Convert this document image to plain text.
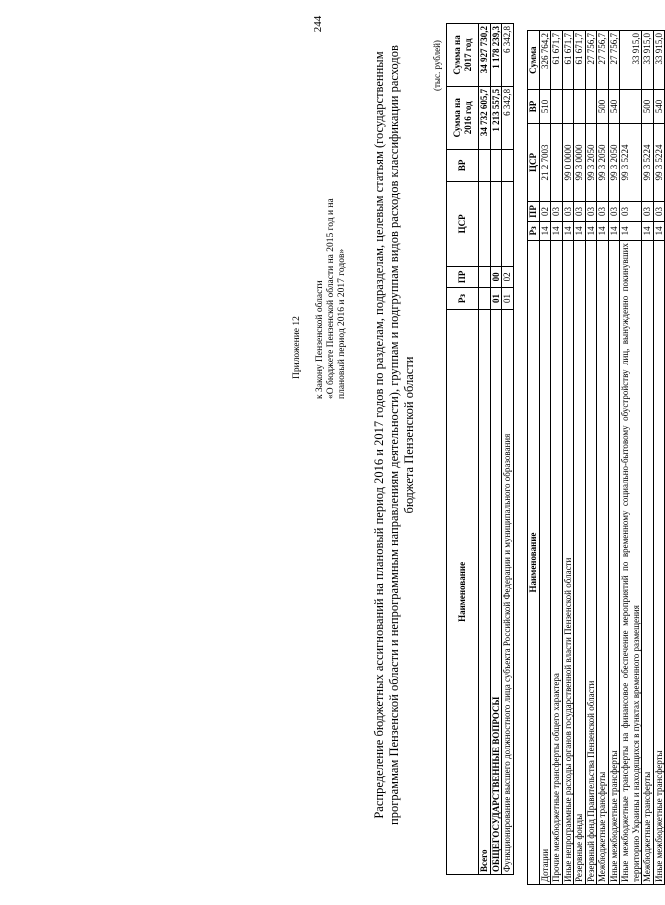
244
Наименование	Рз	ПР	ЦСР	ВР	Сумма
Дотации	14	02	21 2 7003	510	326 764,2
Прочие межбюджетные трансферты общего характера	14	03			61 671,7
Иные непрограммные расходы органов государственной власти Пензенской области	14	03	99 0 0000		61 671,7
Резервные фонды	14	03	99 3 0000		61 671,7
Резервный фонд Правительства Пензенской области	14	03	99 3 2050		27 756,7
Межбюджетные трансферты	14	03	99 3 2050	500	27 756,7
Иные межбюджетные трансферты	14	03	99 3 2050	540	27 756,7
Иные межбюджетные трансферты на финансовое обеспечение мероприятий по временному социально-бытовому обустройству лиц, вынужденно покинувших территорию Украины и находящихся в пунктах временного размещения	14	03	99 3 5224		33 915,0
Межбюджетные трансферты	14	03	99 3 5224	500	33 915,0
Иные межбюджетные трансферты	14	03	99 3 5224	540	33 915,0
Приложение 12 к Закону Пензенской области «О бюджете Пензенской области на 2015 год и на плановый период 2016 и 2017 годов» Распределение бюджетных ассигнований на плановый период 2016 и 2017 годов по разделам, подразделам, целевым статьям (государственным программам Пензенской области и непрограммным направлениям деятельности), группам и подгруппам видов расходов классификации расходов бюджета Пензенской области
(тыс. рублей)
Наименование	Рз	ПР	ЦСР	ВР	Сумма на 2016 год	Сумма на 2017 год
Всего					34 732 605,7	34 927 730,2
ОБЩЕГОСУДАРСТВЕННЫЕ ВОПРОСЫ	01	00			1 213 557,5	1 178 239,3
Функционирование высшего должностного лица субъекта Российской Федерации и муниципального образования	01	02			6 342,8	6 342,8
